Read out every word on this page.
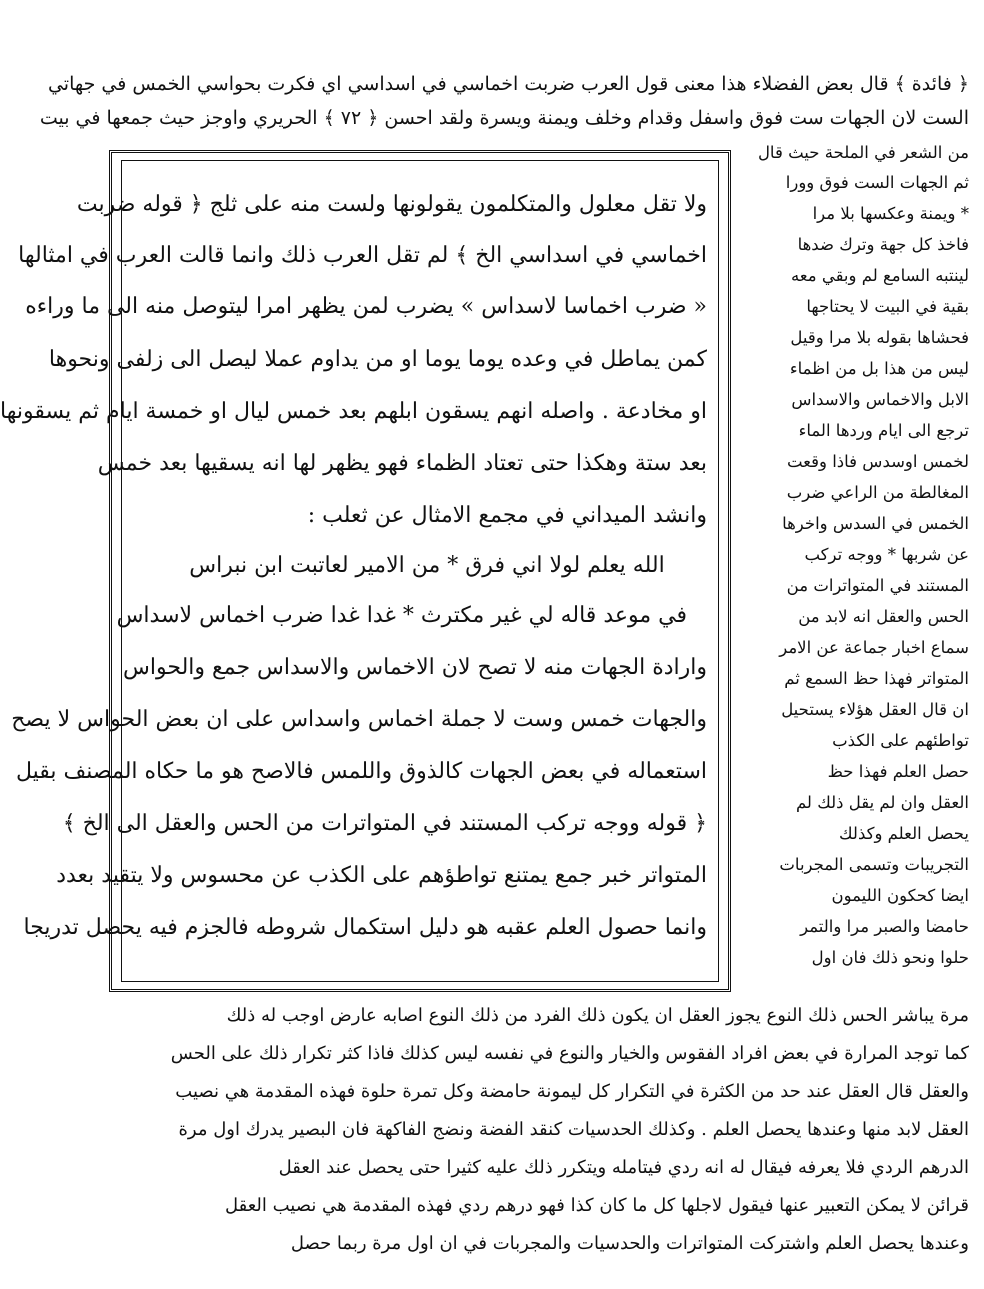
﴿ فائدة ﴾ قال بعض الفضلاء هذا معنى قول العرب ضربت اخماسي في اسداسي اي فكرت بحواسي الخمس في جهاتي
الست لان الجهات ست فوق واسفل وقدام وخلف ويمنة ويسرة ولقد احسن ﴿ ٧٢ ﴾ الحريري واوجز حيث جمعها في بيت
ولا تقل معلول والمتكلمون يقولونها ولست منه على ثلج ﴿ قوله ضربت
اخماسي في اسداسي الخ ﴾ لم تقل العرب ذلك وانما قالت العرب في امثالها
« ضرب اخماسا لاسداس » يضرب لمن يظهر امرا ليتوصل منه الى ما وراءه
كمن يماطل في وعده يوما يوما او من يداوم عملا ليصل الى زلفى ونحوها
او مخادعة . واصله انهم يسقون ابلهم بعد خمس ليال او خمسة ايام ثم يسقونها
بعد ستة وهكذا حتى تعتاد الظماء فهو يظهر لها انه يسقيها بعد خمس
وانشد الميداني في مجمع الامثال عن ثعلب :
الله يعلم لولا اني فرق * من الامير لعاتبت ابن نبراس
في موعد قاله لي غير مكترث * غدا غدا ضرب اخماس لاسداس
وارادة الجهات منه لا تصح لان الاخماس والاسداس جمع والحواس
والجهات خمس وست لا جملة اخماس واسداس على ان بعض الحواس لا يصح
استعماله في بعض الجهات كالذوق واللمس فالاصح هو ما حكاه المصنف بقيل
﴿ قوله ووجه تركب المستند في المتواترات من الحس والعقل الى الخ ﴾
المتواتر خبر جمع يمتنع تواطؤهم على الكذب عن محسوس ولا يتقيد بعدد
وانما حصول العلم عقبه هو دليل استكمال شروطه فالجزم فيه يحصل تدريجا
من الشعر في الملحة حيث قال
ثم الجهات الست فوق وورا
* ويمنة وعكسها بلا مرا
فاخذ كل جهة وترك ضدها
لينتبه السامع لم وبقي معه
بقية في البيت لا يحتاجها
فحشاها بقوله بلا مرا وقيل
ليس من هذا بل من اظماء
الابل والاخماس والاسداس
ترجع الى ايام وردها الماء
لخمس اوسدس فاذا وقعت
المغالطة من الراعي ضرب
الخمس في السدس واخرها
عن شربها * ووجه تركب
المستند في المتواترات من
الحس والعقل انه لابد من
سماع اخبار جماعة عن الامر
المتواتر فهذا حظ السمع ثم
ان قال العقل هؤلاء يستحيل
تواطئهم على الكذب
حصل العلم فهذا حظ
العقل وان لم يقل ذلك لم
يحصل العلم وكذلك
التجريبات وتسمى المجربات
ايضا كحكون الليمون
حامضا والصبر مرا والتمر
حلوا ونحو ذلك فان اول
مرة يباشر الحس ذلك النوع يجوز العقل ان يكون ذلك الفرد من ذلك النوع اصابه عارض اوجب له ذلك
كما توجد المرارة في بعض افراد الفقوس والخيار والنوع في نفسه ليس كذلك فاذا كثر تكرار ذلك على الحس
والعقل قال العقل عند حد من الكثرة في التكرار كل ليمونة حامضة وكل تمرة حلوة فهذه المقدمة هي نصيب
العقل لابد منها وعندها يحصل العلم . وكذلك الحدسيات كنقد الفضة ونضج الفاكهة فان البصير يدرك اول مرة
الدرهم الردي فلا يعرفه فيقال له انه ردي فيتامله ويتكرر ذلك عليه كثيرا حتى يحصل عند العقل
قرائن لا يمكن التعبير عنها فيقول لاجلها كل ما كان كذا فهو درهم ردي فهذه المقدمة هي نصيب العقل
وعندها يحصل العلم واشتركت المتواترات والحدسيات والمجربات في ان اول مرة ربما حصل
